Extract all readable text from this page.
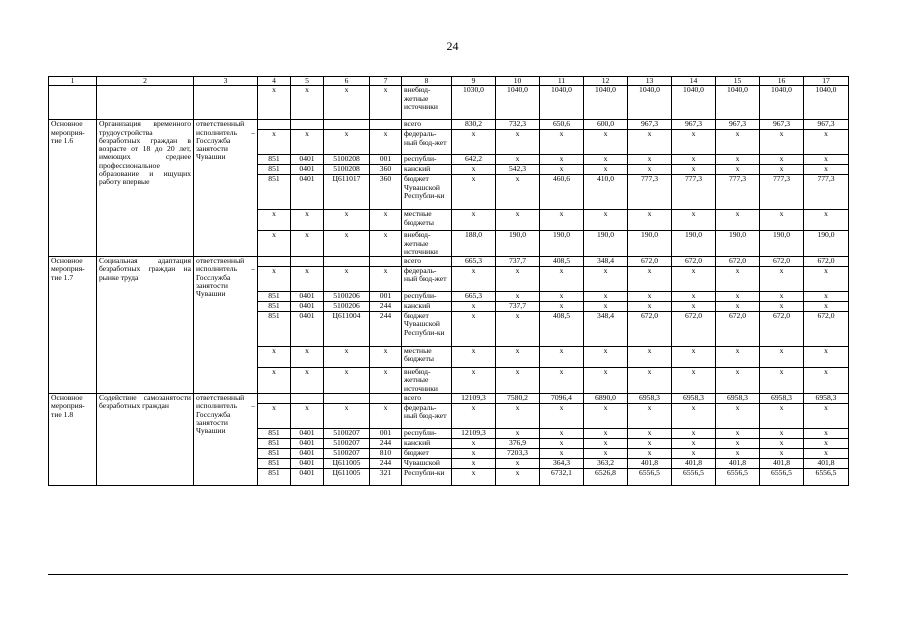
24
1	2	3	4	5	6	7	8	9	10	11	12	13	14	15	16	17
			x	x	x	x	внебюд-жетные источники	1030,0	1040,0	1040,0	1040,0	1040,0	1040,0	1040,0	1040,0	1040,0
Основное мероприя-тие 1.6	Организация временного трудоустройства безработных граждан в возрасте от 18 до 20 лет, имеющих среднее профессиональное образование и ищущих работу впервые	ответственный исполнитель – Госслужба занятости Чувашии					всего	830,2	732,3	650,6	600,0	967,3	967,3	967,3	967,3	967,3
			x	x	x	x	федераль-ный бюд-жет	x	x	x	x	x	x	x	x	x
			851	0401	5100208	001	республи-	642,2	x	x	x	x	x	x	x	x
			851	0401	5100208	360	канский	x	542,3	x	x	x	x	x	x	x
			851	0401	Ц611017	360	бюджет Чувашской Республи-ки	x	x	460,6	410,0	777,3	777,3	777,3	777,3	777,3
			x	x	x	x	местные бюджеты	x	x	x	x	x	x	x	x	x
			x	x	x	x	внебюд-жетные источники	188,0	190,0	190,0	190,0	190,0	190,0	190,0	190,0	190,0
Основное мероприя-тие 1.7	Социальная адаптация безработных граждан на рынке труда	ответственный исполнитель – Госслужба занятости Чувашии					всего	665,3	737,7	408,5	348,4	672,0	672,0	672,0	672,0	672,0
			x	x	x	x	федераль-ный бюд-жет	x	x	x	x	x	x	x	x	x
			851	0401	5100206	001	республи-	665,3	x	x	x	x	x	x	x	x
			851	0401	5100206	244	канский	x	737,7	x	x	x	x	x	x	x
			851	0401	Ц611004	244	бюджет Чувашской Республи-ки	x	x	408,5	348,4	672,0	672,0	672,0	672,0	672,0
			x	x	x	x	местные бюджеты	x	x	x	x	x	x	x	x	x
			x	x	x	x	внебюд-жетные источники	x	x	x	x	x	x	x	x	x
Основное мероприя-тие 1.8	Содействие самозанятости безработных граждан	ответственный исполнитель – Госслужба занятости Чувашии					всего	12109,3	7580,2	7096,4	6890,0	6958,3	6958,3	6958,3	6958,3	6958,3
			x	x	x	x	федераль-ный бюд-жет	x	x	x	x	x	x	x	x	x
			851	0401	5100207	001	республи-	12109,3	x	x	x	x	x	x	x	x
			851	0401	5100207	244	канский	x	376,9	x	x	x	x	x	x	x
			851	0401	5100207	810	бюджет	x	7203,3	x	x	x	x	x	x	x
			851	0401	Ц611005	244	Чувашской	x	x	364,3	363,2	401,8	401,8	401,8	401,8	401,8
			851	0401	Ц611005	321	Республи-ки	x	x	6732,1	6526,8	6556,5	6556,5	6556,5	6556,5	6556,5
